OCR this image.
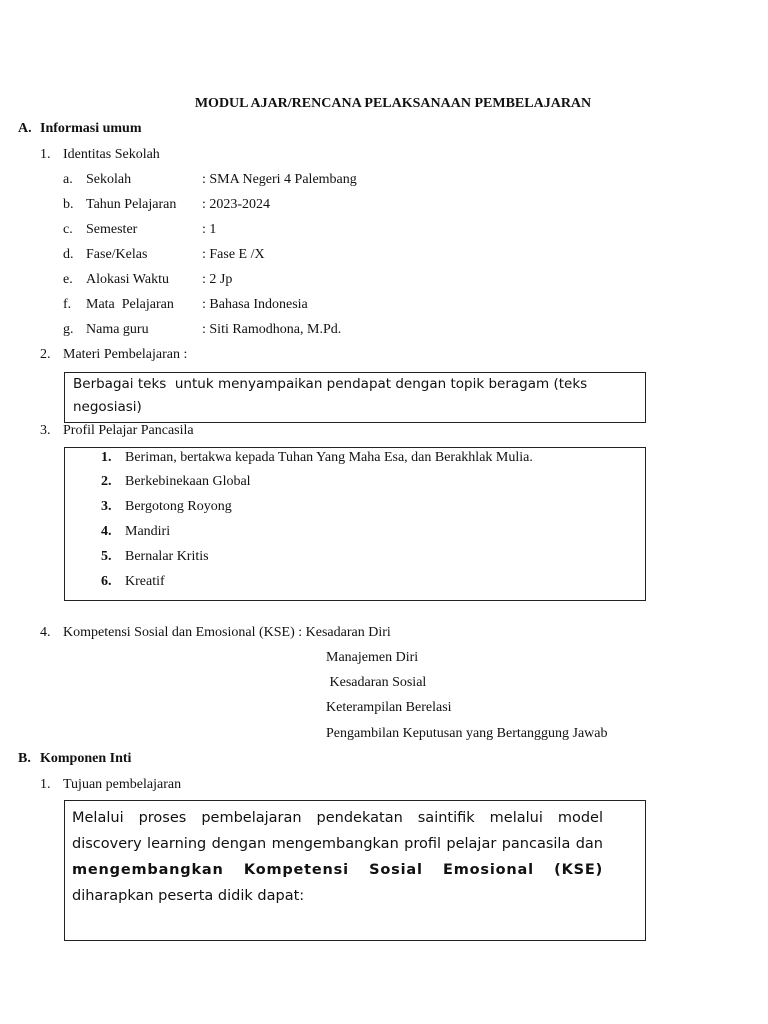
MODUL AJAR/RENCANA PELAKSANAAN PEMBELAJARAN
A. Informasi umum
1. Identitas Sekolah
a. Sekolah	: SMA Negeri 4 Palembang
b. Tahun Pelajaran : 2023-2024
c. Semester	: 1
d. Fase/Kelas	: Fase E /X
e. Alokasi Waktu : 2 Jp
f. Mata  Pelajaran : Bahasa Indonesia
g. Nama guru	: Siti Ramodhona, M.Pd.
2. Materi Pembelajaran :
Berbagai teks  untuk menyampaikan pendapat dengan topik beragam (teks
negosiasi)
3. Profil Pelajar Pancasila
1. Beriman, bertakwa kepada Tuhan Yang Maha Esa, dan Berakhlak Mulia.
2. Berkebinekaan Global
3. Bergotong Royong
4. Mandiri
5. Bernalar Kritis
6. Kreatif
4. Kompetensi Sosial dan Emosional (KSE) : Kesadaran Diri
Manajemen Diri
Kesadaran Sosial
Keterampilan Berelasi
Pengambilan Keputusan yang Bertanggung Jawab
B. Komponen Inti
1. Tujuan pembelajaran
Melalui proses pembelajaran pendekatan saintifik melalui model discovery learning dengan mengembangkan profil pelajar pancasila dan mengembangkan Kompetensi Sosial Emosional (KSE) diharapkan peserta didik dapat:
